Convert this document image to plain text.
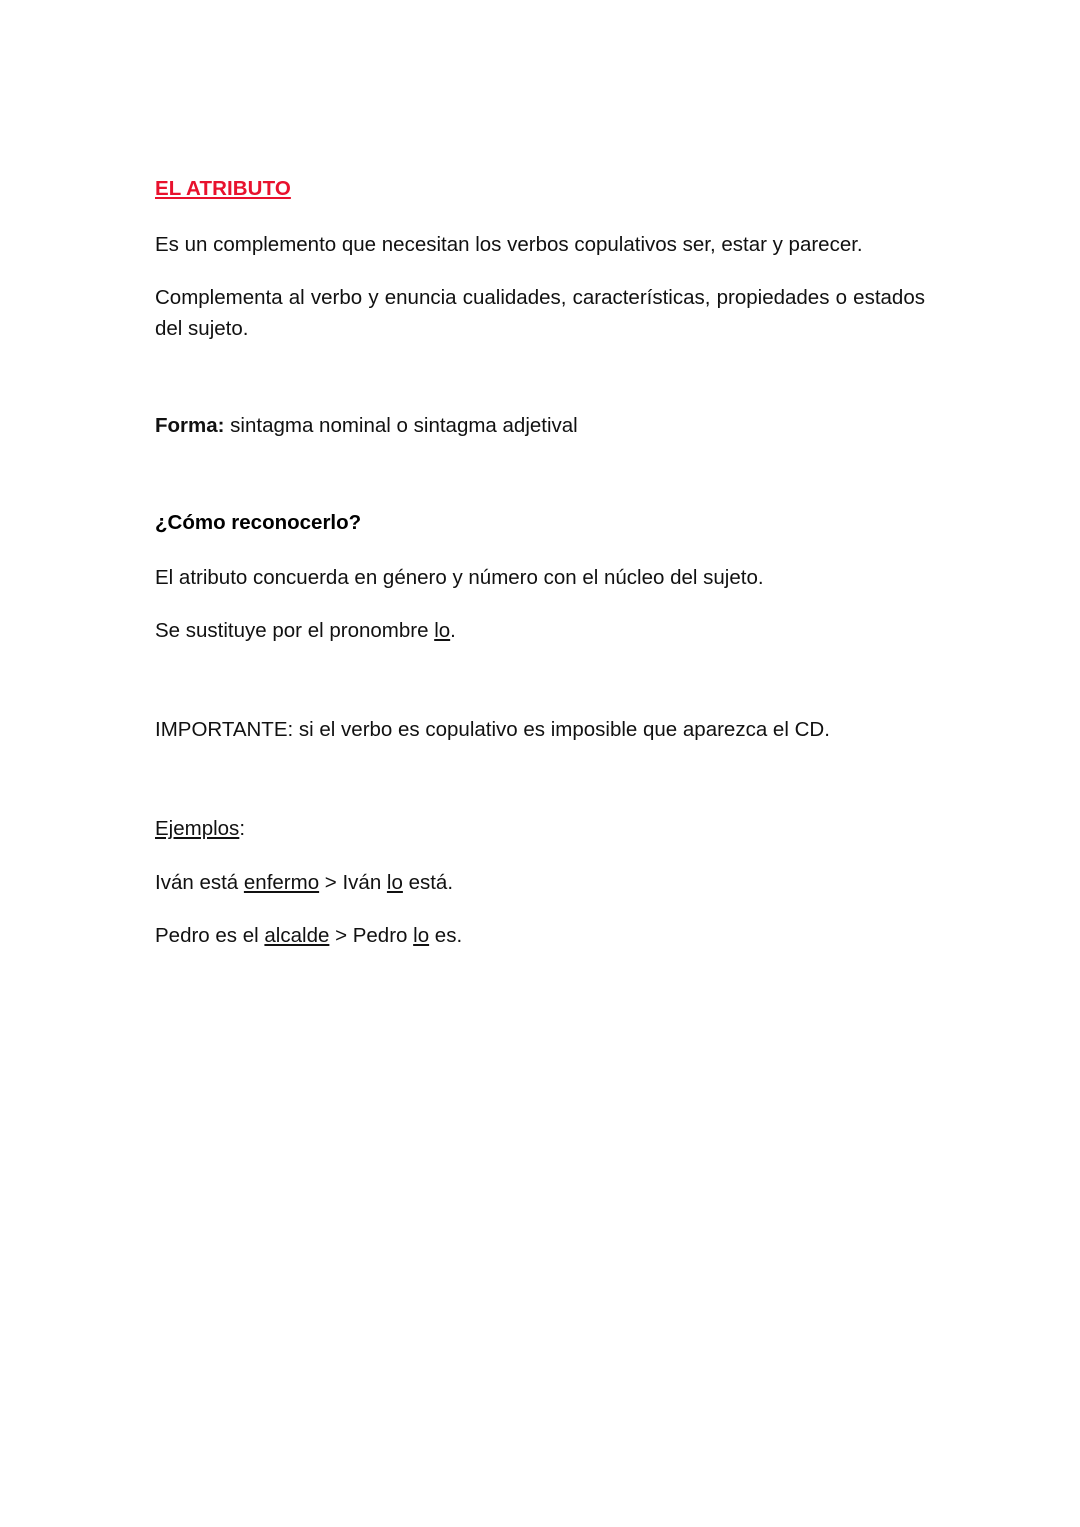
EL ATRIBUTO

Es un complemento que necesitan los verbos copulativos ser, estar y parecer.

Complementa al verbo y enuncia cualidades, características, propiedades o estados del sujeto.

Forma: sintagma nominal o sintagma adjetival

¿Cómo reconocerlo?

El atributo concuerda en género y número con el núcleo del sujeto.

Se sustituye por el pronombre lo.

IMPORTANTE: si el verbo es copulativo es imposible que aparezca el CD.

Ejemplos:

Iván está enfermo > Iván lo está.

Pedro es el alcalde > Pedro lo es.
